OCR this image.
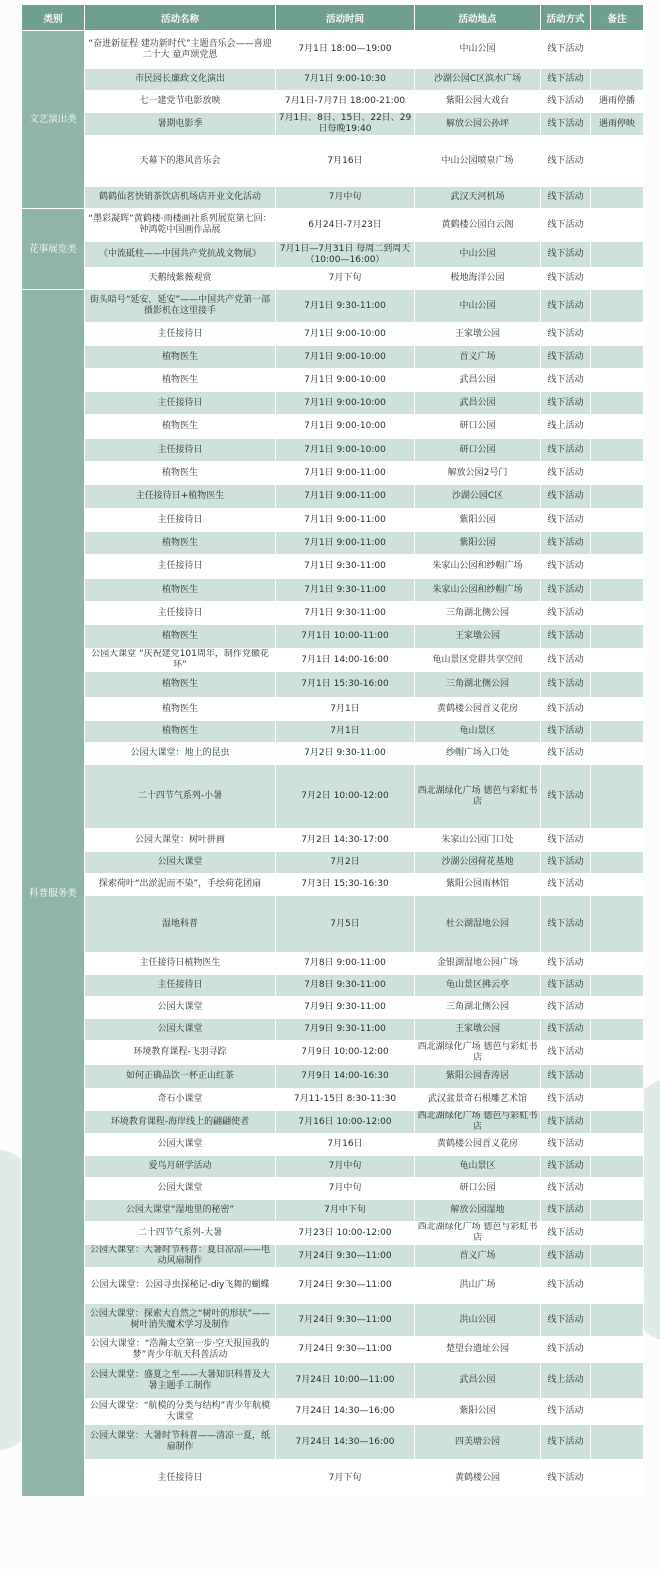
类别	活动名称	活动时间	活动地点	活动方式	备注
文艺演出类	“奋进新征程 建功新时代”主题音乐会——喜迎二十大 童声颂党恩	7月1日 18:00—19:00	中山公园	线下活动	
	市民园长廉政文化演出	7月1日 9:00-10:30	沙湖公园C区滨水广场	线下活动	
	七一建党节电影放映	7月1日-7月7日 18:00-21:00	紫阳公园大戏台	线下活动	遇雨停播
	暑期电影季	7月1日、8日、15日、22日、29日每晚19:40	解放公园公孙坪	线下活动	遇雨停映
	天幕下的港风音乐会	7月16日	中山公园喷泉广场	线下活动	
	鹤鹤仙茗快销茶饮店机场店开业文化活动	7月中旬	武汉天河机场	线下活动	
花事展览类	“墨彩凝晖”黄鹤楼·雨楼画社系列展览第七回：钟鸿乾中国画作品展	6月24日-7月23日	黄鹤楼公园白云阁	线下活动	
	《中流砥柱——中国共产党抗战文物展》	7月1日—7月31日 每周二到周天（10:00—16:00）	中山公园	线下活动	
	天鹅绒紫薇观赏	7月下旬	极地海洋公园	线下活动	
科普服务类	街头暗号“延安，延安”——中国共产党第一部摄影机在这里接手	7月1日 9:30-11:00	中山公园	线下活动	
	主任接待日	7月1日 9:00-10:00	王家墩公园	线下活动	
	植物医生	7月1日 9:00-10:00	首义广场	线下活动	
	植物医生	7月1日 9:00-10:00	武昌公园	线下活动	
	主任接待日	7月1日 9:00-10:00	武昌公园	线下活动	
	植物医生	7月1日 9:00-10:00	研口公园	线上活动	
	主任接待日	7月1日 9:00-10:00	研口公园	线下活动	
	植物医生	7月1日 9:00-11:00	解放公园2号门	线下活动	
	主任接待日+植物医生	7月1日 9:00-11:00	沙湖公园C区	线下活动	
	主任接待日	7月1日 9:00-11:00	紫阳公园	线下活动	
	植物医生	7月1日 9:00-11:00	紫阳公园	线下活动	
	主任接待日	7月1日 9:30-11:00	朱家山公园和纱帽广场	线下活动	
	植物医生	7月1日 9:30-11:00	朱家山公园和纱帽广场	线下活动	
	主任接待日	7月1日 9:30-11:00	三角湖北侧公园	线下活动	
	植物医生	7月1日 10:00-11:00	王家墩公园	线下活动	
	公园大课堂 “庆祝建党101周年，制作党徽花环”	7月1日 14:00-16:00	龟山景区党群共享空间	线下活动	
	植物医生	7月1日 15:30-16:00	三角湖北侧公园	线下活动	
	植物医生	7月1日	黄鹤楼公园首义花房	线下活动	
	植物医生	7月1日	龟山景区	线下活动	
	公园大课堂：地上的昆虫	7月2日 9:30-11:00	纱帽广场入口处	线下活动	
	二十四节气系列-小暑	7月2日 10:00-12:00	西北湖绿化广场 德芭与彩虹书店	线下活动	
	公园大课堂：树叶拼画	7月2日 14:30-17:00	朱家山公园门口处	线下活动	
	公园大课堂	7月2日	沙湖公园荷花基地	线下活动	
	探索荷叶“出淤泥而不染”，手绘荷花团扇	7月3日 15:30-16:30	紫阳公园雨林馆	线下活动	
	湿地科普	7月5日	杜公湖湿地公园	线下活动	
	主任接待日植物医生	7月8日 9:00-11:00	金银湖湿地公园广场	线下活动	
	主任接待日	7月8日 9:30-11:00	龟山景区拂云亭	线下活动	
	公园大课堂	7月9日 9:30-11:00	三角湖北侧公园	线下活动	
	公园大课堂	7月9日 9:30-11:00	王家墩公园	线下活动	
	环境教育课程-飞羽寻踪	7月9日 10:00-12:00	西北湖绿化广场 德芭与彩虹书店	线下活动	
	如何正确品饮一杯正山红茶	7月9日 14:00-16:30	紫阳公园香涛居	线下活动	
	奇石小课堂	7月11-15日 8:30-11:30	武汉盆景奇石根雕艺术馆	线下活动	
	环境教育课程-海岸线上的翩翩使者	7月16日 10:00-12:00	西北湖绿化广场 德芭与彩虹书店	线下活动	
	公园大课堂	7月16日	黄鹤楼公园首义花房	线下活动	
	爱鸟月研学活动	7月中旬	龟山景区	线下活动	
	公园大课堂	7月中旬	研口公园	线下活动	
	公园大课堂“湿地里的秘密”	7月中下旬	解放公园湿地	线下活动	
	二十四节气系列-大暑	7月23日 10:00-12:00	西北湖绿化广场 德芭与彩虹书店	线下活动	
	公园大课堂：大暑时节科普：夏日凉凉——电动风扇制作	7月24日 9:30—11:00	首义广场	线下活动	
	公园大课堂：公园寻虫探秘记-diy飞舞的蝴蝶	7月24日 9:30—11:00	洪山广场	线下活动	
	公园大课堂：探索大自然之“树叶的形状”——树叶消失魔术学习及制作	7月24日 9:30—11:00	洪山公园	线下活动	
	公园大课堂：“浩瀚太空第一步·空天报国我的梦”青少年航天科普活动	7月24日 9:30—11:00	楚望台遗址公园	线下活动	
	公园大课堂：盛夏之至——大暑知识科普及大暑主题手工制作	7月24日 10:00—11:00	武昌公园	线上活动	
	公园大课堂：“航模的分类与结构”青少年航模大课堂	7月24日 14:30—16:00	紫阳公园	线下活动	
	公园大课堂：大暑时节科普——清凉一夏，纸扇制作	7月24日 14:30—16:00	四美塘公园	线下活动	
	主任接待日	7月下旬	黄鹤楼公园	线下活动	
